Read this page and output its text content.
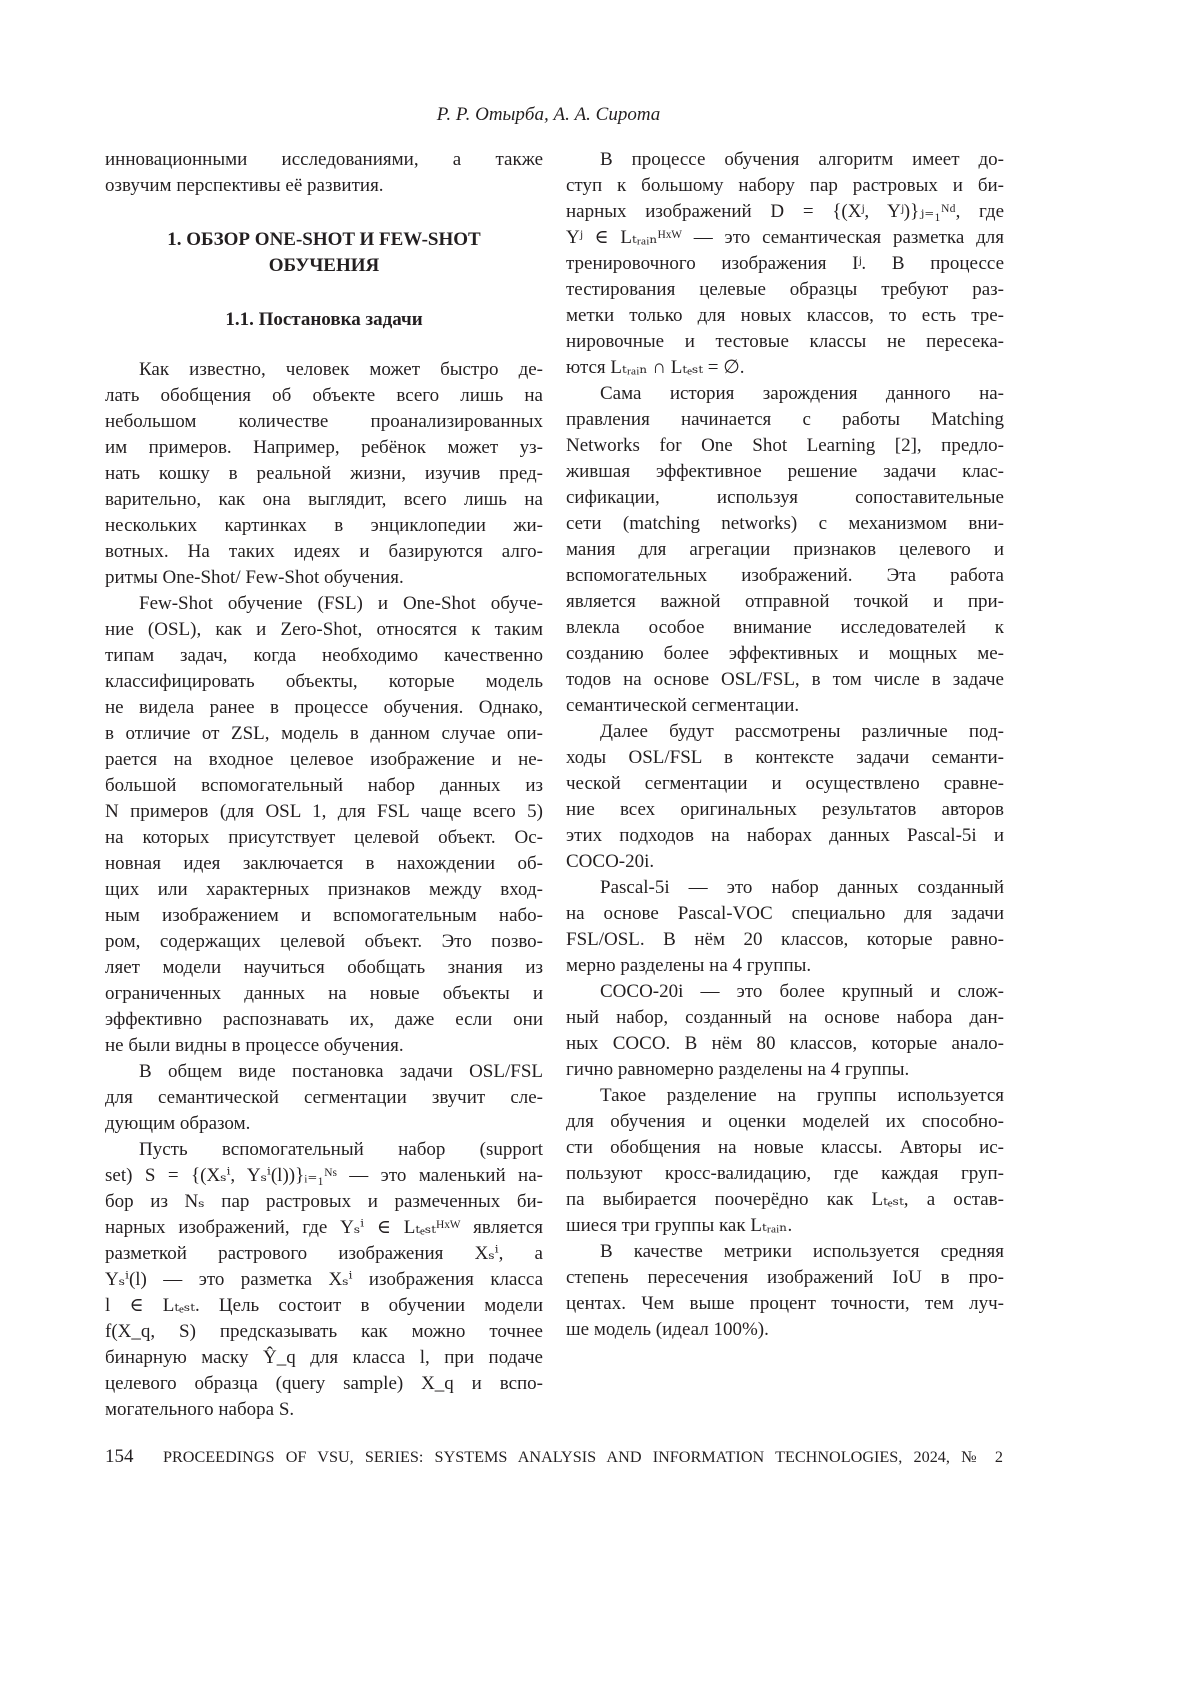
Р. Р. Отырба, А. А. Сирота
инновационными исследованиями, а также
озвучим перспективы её развития.
1. ОБЗОР ONE-SHOT И FEW-SHOT
ОБУЧЕНИЯ
1.1. Постановка задачи
Как известно, человек может быстро де-
лать обобщения об объекте всего лишь на
небольшом количестве проанализированных
им примеров. Например, ребёнок может уз-
нать кошку в реальной жизни, изучив пред-
варительно, как она выглядит, всего лишь на
нескольких картинках в энциклопедии жи-
вотных. На таких идеях и базируются алго-
ритмы One-Shot/ Few-Shot обучения.
Few-Shot обучение (FSL) и One-Shot обуче-
ние (OSL), как и Zero-Shot, относятся к таким
типам задач, когда необходимо качественно
классифицировать объекты, которые модель
не видела ранее в процессе обучения. Однако,
в отличие от ZSL, модель в данном случае опи-
рается на входное целевое изображение и не-
большой вспомогательный набор данных из
N примеров (для OSL 1, для FSL чаще всего 5)
на которых присутствует целевой объект. Ос-
новная идея заключается в нахождении об-
щих или характерных признаков между вход-
ным изображением и вспомогательным набо-
ром, содержащих целевой объект. Это позво-
ляет модели научиться обобщать знания из
ограниченных данных на новые объекты и
эффективно распознавать их, даже если они
не были видны в процессе обучения.
В общем виде постановка задачи OSL/FSL
для семантической сегментации звучит сле-
дующим образом.
Пусть вспомогательный набор (support
set) S = {(Xₛⁱ, Yₛⁱ(l))}ᵢ₌₁ᴺˢ — это маленький на-
бор из Nₛ пар растровых и размеченных би-
нарных изображений, где Yₛⁱ ∈ Lₜₑₛₜᴴˣᵂ является
разметкой растрового изображения Xₛⁱ, а
Yₛⁱ(l) — это разметка Xₛⁱ изображения класса
l ∈ Lₜₑₛₜ. Цель состоит в обучении модели
f(X_q, S) предсказывать как можно точнее
бинарную маску Ŷ_q для класса l, при подаче
целевого образца (query sample) X_q и вспо-
могательного набора S.
В процессе обучения алгоритм имеет до-
ступ к большому набору пар растровых и би-
нарных изображений D = {(Xʲ, Yʲ)}ⱼ₌₁ᴺᵈ, где
Yʲ ∈ Lₜᵣₐᵢₙᴴˣᵂ — это семантическая разметка для
тренировочного изображения Iʲ. В процессе
тестирования целевые образцы требуют раз-
метки только для новых классов, то есть тре-
нировочные и тестовые классы не пересека-
ются Lₜᵣₐᵢₙ ∩ Lₜₑₛₜ = ∅.
Сама история зарождения данного на-
правления начинается с работы Matching
Networks for One Shot Learning [2], предло-
жившая эффективное решение задачи клас-
сификации, используя сопоставительные
сети (matching networks) с механизмом вни-
мания для агрегации признаков целевого и
вспомогательных изображений. Эта работа
является важной отправной точкой и при-
влекла особое внимание исследователей к
созданию более эффективных и мощных ме-
тодов на основе OSL/FSL, в том числе в задаче
семантической сегментации.
Далее будут рассмотрены различные под-
ходы OSL/FSL в контексте задачи семанти-
ческой сегментации и осуществлено сравне-
ние всех оригинальных результатов авторов
этих подходов на наборах данных Pascal-5i и
COCO-20i.
Pascal-5i — это набор данных созданный
на основе Pascal-VOC специально для задачи
FSL/OSL. В нём 20 классов, которые равно-
мерно разделены на 4 группы.
COCO-20i — это более крупный и слож-
ный набор, созданный на основе набора дан-
ных COCO. В нём 80 классов, которые анало-
гично равномерно разделены на 4 группы.
Такое разделение на группы используется
для обучения и оценки моделей их способно-
сти обобщения на новые классы. Авторы ис-
пользуют кросс-валидацию, где каждая груп-
па выбирается поочерёдно как Lₜₑₛₜ, а остав-
шиеся три группы как Lₜᵣₐᵢₙ.
В качестве метрики используется средняя
степень пересечения изображений IoU в про-
центах. Чем выше процент точности, тем луч-
ше модель (идеал 100%).
154 PROCEEDINGS OF VSU, SERIES: SYSTEMS ANALYSIS AND INFORMATION TECHNOLOGIES, 2024, № 2
